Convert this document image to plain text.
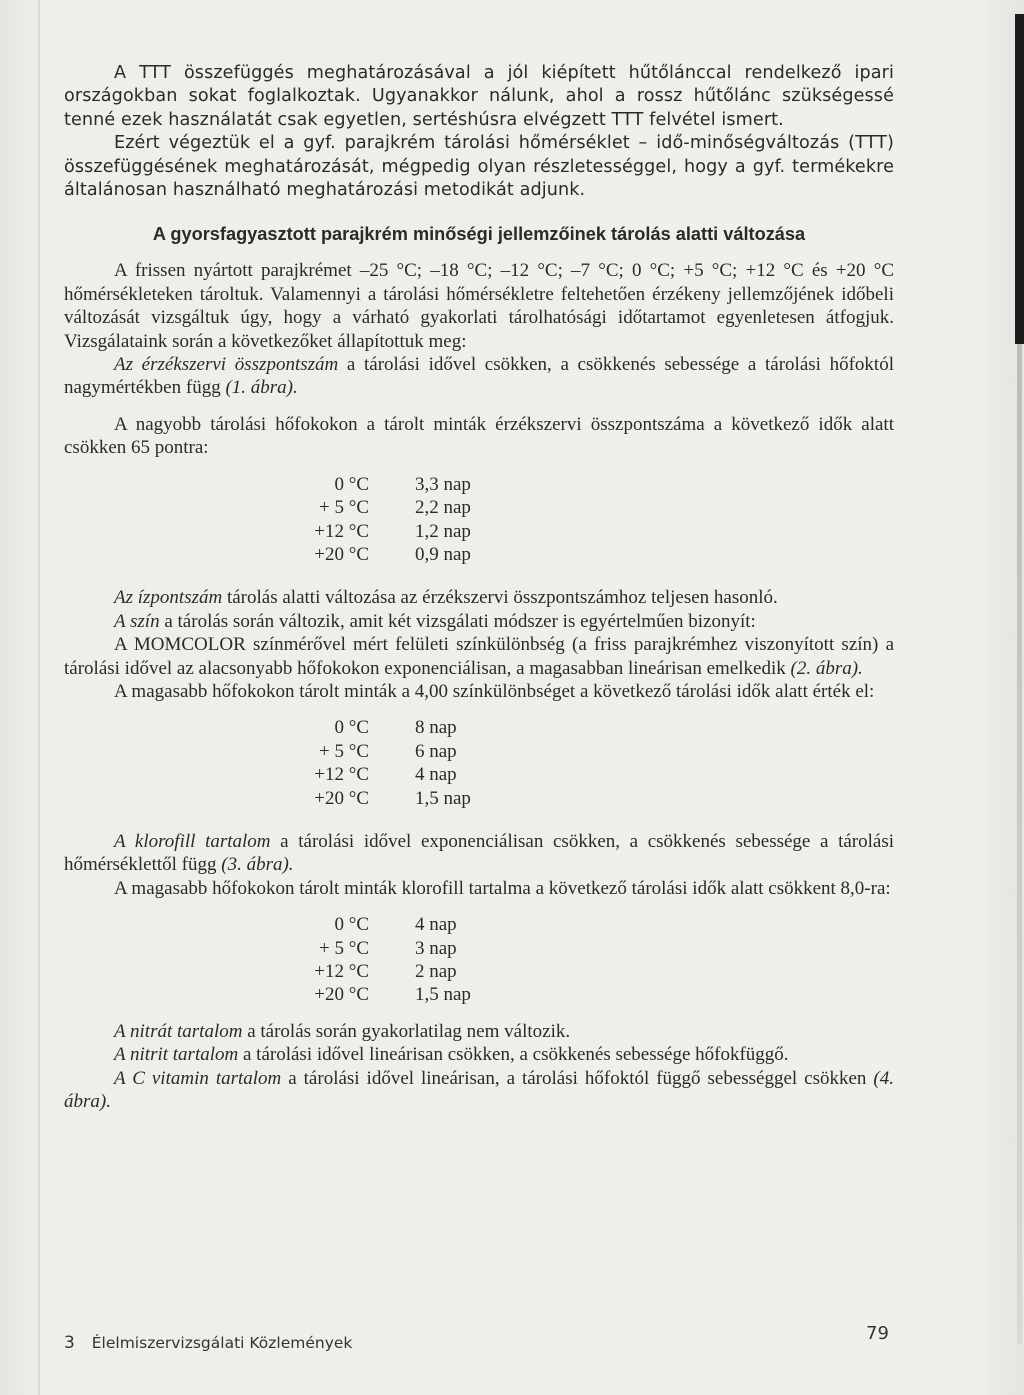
A TTT összefüggés meghatározásával a jól kiépített hűtőlánccal rendelkező ipari országokban sokat foglalkoztak. Ugyanakkor nálunk, ahol a rossz hűtőlánc szükségessé tenné ezek használatát csak egyetlen, sertéshúsra elvégzett TTT felvétel ismert.

Ezért végeztük el a gyf. parajkrém tárolási hőmérséklet – idő-minőségváltozás (TTT) összefüggésének meghatározását, mégpedig olyan részletességgel, hogy a gyf. termékekre általánosan használható meghatározási metodikát adjunk.

A gyorsfagyasztott parajkrém minőségi jellemzőinek tárolás alatti változása

A frissen nyártott parajkrémet –25 °C; –18 °C; –12 °C; –7 °C; 0 °C; +5 °C; +12 °C és +20 °C hőmérsékleteken tároltuk. Valamennyi a tárolási hőmérsékletre feltehetően érzékeny jellemzőjének időbeli változását vizsgáltuk úgy, hogy a várható gyakorlati tárolhatósági időtartamot egyenletesen átfogjuk. Vizsgálataink során a következőket állapítottuk meg:

Az érzékszervi összpontszám a tárolási idővel csökken, a csökkenés sebessége a tárolási hőfoktól nagymértékben függ (1. ábra).

A nagyobb tárolási hőfokokon a tárolt minták érzékszervi összpontszáma a következő idők alatt csökken 65 pontra:

0 °C	3,3 nap
+ 5 °C	2,2 nap
+12 °C	1,2 nap
+20 °C	0,9 nap

Az ízpontszám tárolás alatti változása az érzékszervi összpontszámhoz teljesen hasonló.

A szín a tárolás során változik, amit két vizsgálati módszer is egyértelműen bizonyít:

A MOMCOLOR színmérővel mért felületi színkülönbség (a friss parajkrémhez viszonyított szín) a tárolási idővel az alacsonyabb hőfokokon exponenciálisan, a magasabban lineárisan emelkedik (2. ábra).

A magasabb hőfokokon tárolt minták a 4,00 színkülönbséget a következő tárolási idők alatt érték el:

0 °C	8 nap
+ 5 °C	6 nap
+12 °C	4 nap
+20 °C	1,5 nap

A klorofill tartalom a tárolási idővel exponenciálisan csökken, a csökkenés sebessége a tárolási hőmérséklettől függ (3. ábra).

A magasabb hőfokokon tárolt minták klorofill tartalma a következő tárolási idők alatt csökkent 8,0-ra:

0 °C	4 nap
+ 5 °C	3 nap
+12 °C	2 nap
+20 °C	1,5 nap

A nitrát tartalom a tárolás során gyakorlatilag nem változik.

A nitrit tartalom a tárolási idővel lineárisan csökken, a csökkenés sebessége hőfokfüggő.

A C vitamin tartalom a tárolási idővel lineárisan, a tárolási hőfoktól függő sebességgel csökken (4. ábra).

3 Élelmiszervizsgálati Közlemények	79
